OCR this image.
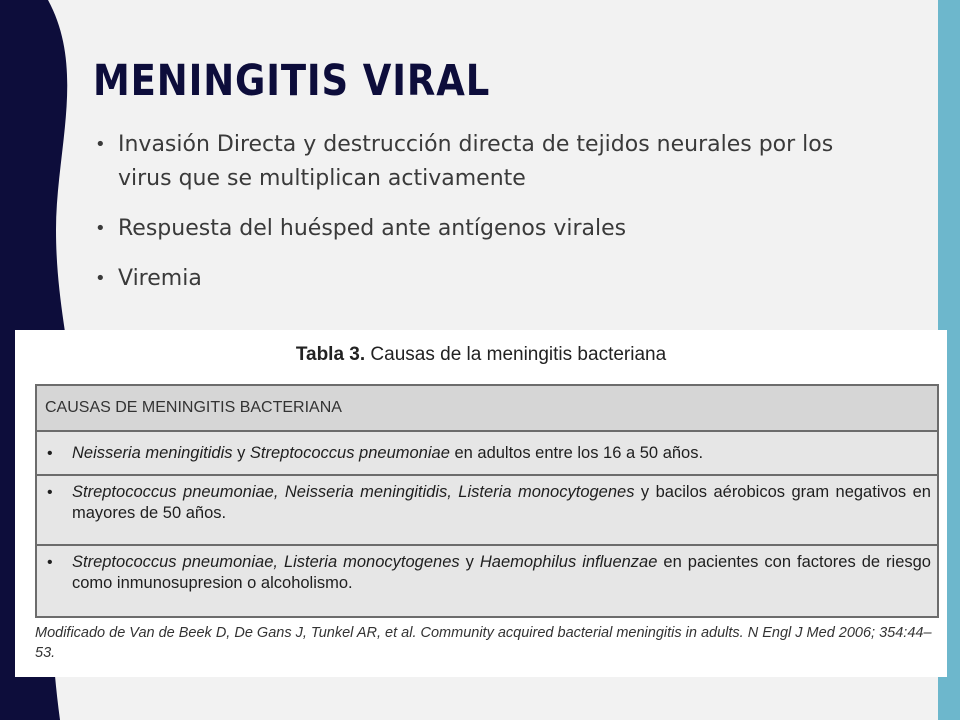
MENINGITIS VIRAL
• Invasión Directa y destrucción directa de tejidos neurales por los virus que se multiplican activamente
• Respuesta del huésped ante antígenos virales
• Viremia
Tabla 3. Causas de la meningitis bacteriana
CAUSAS DE MENINGITIS BACTERIANA
•	Neisseria meningitidis y Streptococcus pneumoniae en adultos entre los 16 a 50 años.
•	Streptococcus pneumoniae, Neisseria meningitidis, Listeria monocytogenes y bacilos aérobicos gram negativos en mayores de 50 años.
•	Streptococcus pneumoniae, Listeria monocytogenes y Haemophilus influenzae en pacientes con factores de riesgo como inmunosupresion o alcoholismo.
Modificado de Van de Beek D, De Gans J, Tunkel AR, et al. Community acquired bacterial meningitis in adults. N Engl J Med 2006; 354:44–53.
